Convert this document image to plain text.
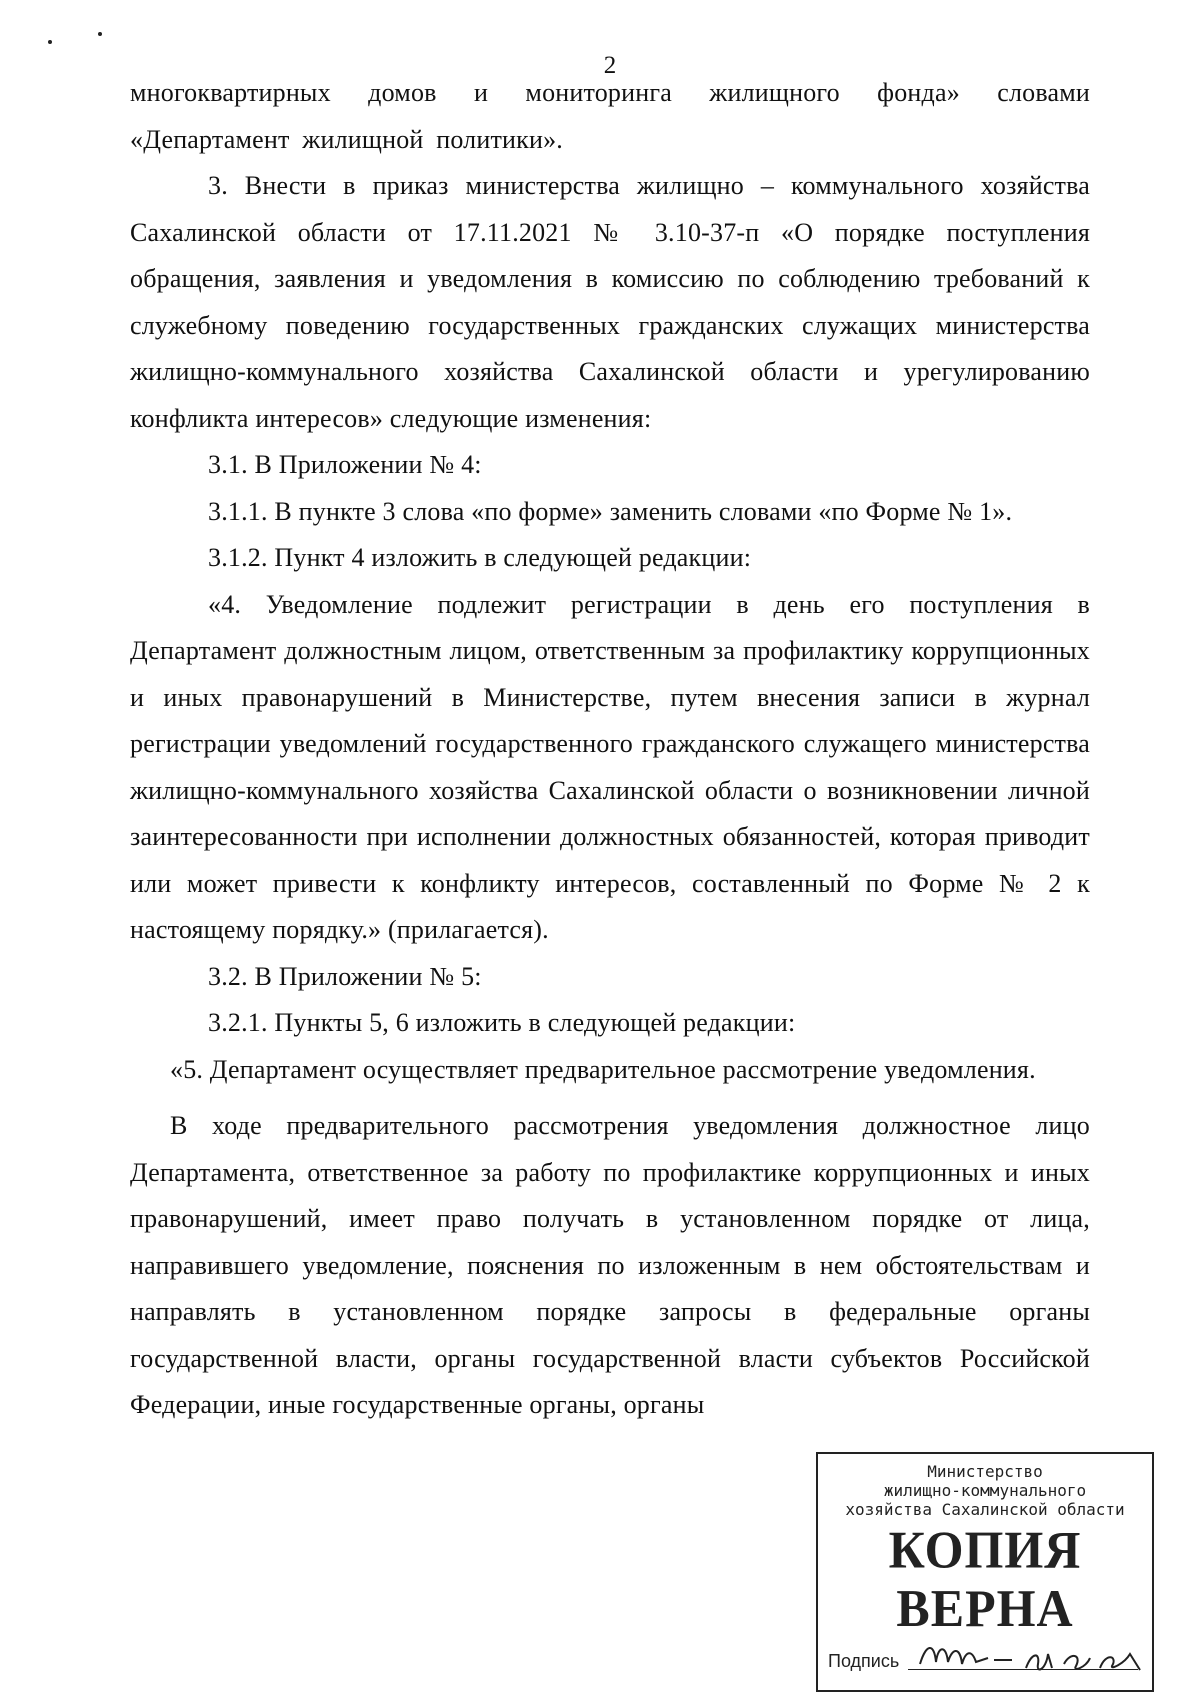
2

многоквартирных домов и мониторинга жилищного фонда» словами «Департамент жилищной политики».

3. Внести в приказ министерства жилищно – коммунального хозяйства Сахалинской области от 17.11.2021 № 3.10-37-п «О порядке поступления обращения, заявления и уведомления в комиссию по соблюдению требований к служебному поведению государственных гражданских служащих министерства жилищно-коммунального хозяйства Сахалинской области и урегулированию конфликта интересов» следующие изменения:

3.1. В Приложении № 4:

3.1.1. В пункте 3 слова «по форме» заменить словами «по Форме № 1».

3.1.2. Пункт 4 изложить в следующей редакции:

«4. Уведомление подлежит регистрации в день его поступления в Департамент должностным лицом, ответственным за профилактику коррупционных и иных правонарушений в Министерстве, путем внесения записи в журнал регистрации уведомлений государственного гражданского служащего министерства жилищно-коммунального хозяйства Сахалинской области о возникновении личной заинтересованности при исполнении должностных обязанностей, которая приводит или может привести к конфликту интересов, составленный по Форме № 2 к настоящему порядку.» (прилагается).

3.2. В Приложении № 5:

3.2.1. Пункты 5, 6 изложить в следующей редакции:

«5. Департамент осуществляет предварительное рассмотрение уведомления.

В ходе предварительного рассмотрения уведомления должностное лицо Департамента, ответственное за работу по профилактике коррупционных и иных правонарушений, имеет право получать в установленном порядке от лица, направившего уведомление, пояснения по изложенным в нем обстоятельствам и направлять в установленном порядке запросы в федеральные органы государственной власти, органы государственной власти субъектов Российской Федерации, иные государственные органы, органы

Министерство
жилищно-коммунального
хозяйства Сахалинской области
КОПИЯ ВЕРНА
Подпись
